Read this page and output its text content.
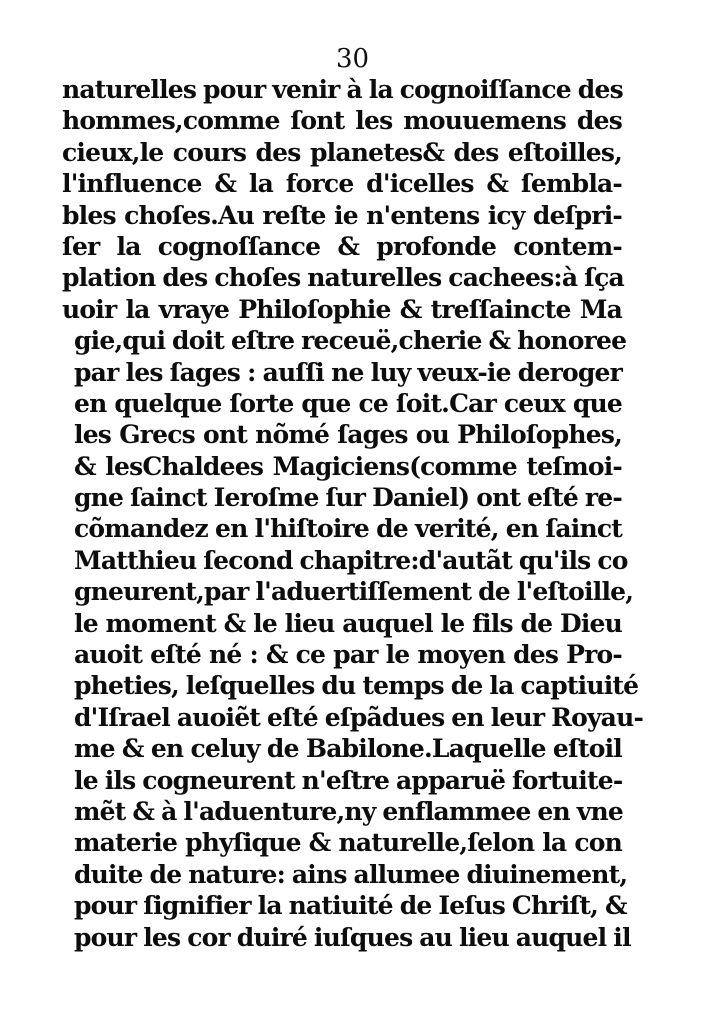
30
naturelles pour venir à la cognoiſſance des
hommes,comme ſont les mouuemens des
cieux,le cours des planetes& des eſtoilles,
l'influence & la force d'icelles & ſembla-
bles choſes.Au reſte ie n'entens icy deſpri-
ſer la cognoſſance & profonde contem-
plation des choſes naturelles cachees:à ſça
uoir la vraye Philoſophie & treſſaincte Ma
gie,qui doit eſtre receuë,cherie & honoree
par les ſages : auſſi ne luy veux-ie deroger
en quelque ſorte que ce ſoit.Car ceux que
les Grecs ont nõmé ſages ou Philoſophes,
& lesChaldees Magiciens(comme teſmoi-
gne ſainct Ieroſme ſur Daniel) ont eſté re-
cõmandez en l'hiſtoire de verité, en ſainct
Matthieu ſecond chapitre:d'autãt qu'ils co
gneurent,par l'aduertiſſement de l'eſtoille,
le moment & le lieu auquel le fils de Dieu
auoit eſté né : & ce par le moyen des Pro-
pheties, leſquelles du temps de la captiuité
d'Iſrael auoiẽt eſté eſpãdues en leur Royau-
me & en celuy de Babilone.Laquelle eſtoil
le ils cogneurent n'eſtre apparuë fortuite-
mẽt & à l'aduenture,ny enflammee en vne
materie phyſique & naturelle,ſelon la con
duite de nature: ains allumee diuinement,
pour ſignifier la natiuité de Ieſus Chriſt, &
pour les cor duiré iuſques au lieu auquel il
